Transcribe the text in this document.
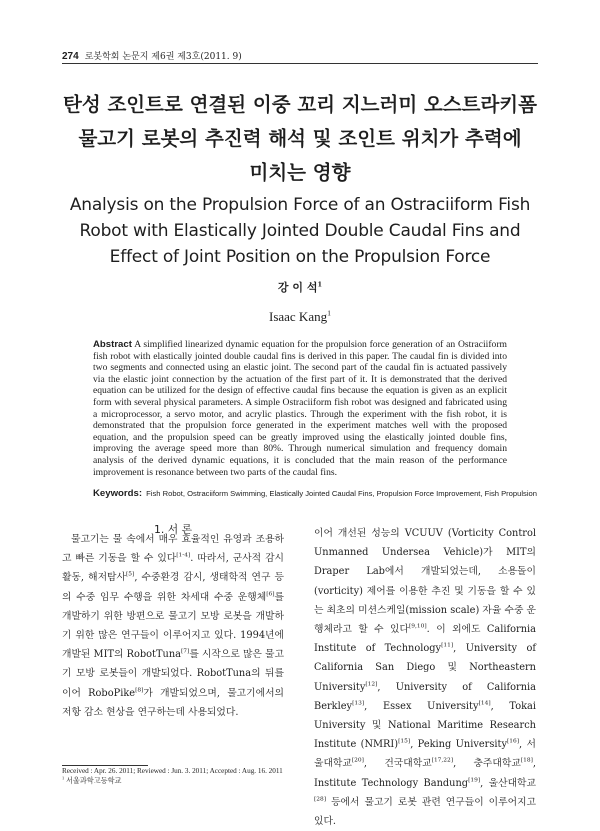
274 로봇학회 논문지 제6권 제3호(2011. 9)
탄성 조인트로 연결된 이중 꼬리 지느러미 오스트라키폼
물고기 로봇의 추진력 해석 및 조인트 위치가 추력에
미치는 영향
Analysis on the Propulsion Force of an Ostraciiform Fish
Robot with Elastically Jointed Double Caudal Fins and
Effect of Joint Position on the Propulsion Force
강 이 석$^1$
Isaac Kang$^1$
Abstract A simplified linearized dynamic equation for the propulsion force generation of an Ostraciiform fish robot with elastically jointed double caudal fins is derived in this paper. The caudal fin is divided into two segments and connected using an elastic joint. The second part of the caudal fin is actuated passively via the elastic joint connection by the actuation of the first part of it. It is demonstrated that the derived equation can be utilized for the design of effective caudal fins because the equation is given as an explicit form with several physical parameters. A simple Ostraciiform fish robot was designed and fabricated using a microprocessor, a servo motor, and acrylic plastics. Through the experiment with the fish robot, it is demonstrated that the propulsion force generated in the experiment matches well with the proposed equation, and the propulsion speed can be greatly improved using the elastically jointed double fins, improving the average speed more than 80%. Through numerical simulation and frequency domain analysis of the derived dynamic equations, it is concluded that the main reason of the performance improvement is resonance between two parts of the caudal fins.
Keywords: Fish Robot, Ostraciiform Swimming, Elastically Jointed Caudal Fins, Propulsion Force Improvement, Fish Propulsion
1. 서 론

물고기는 물 속에서 매우 효율적인 유영과 조용하고 빠른 기동을 할 수 있다[1-4]. 따라서, 군사적 감시활동, 해저탐사[5], 수중환경 감시, 생태학적 연구 등의 수중 임무 수행을 위한 차세대 수중 운행체[6]를 개발하기 위한 방편으로 물고기 모방 로봇을 개발하기 위한 많은 연구들이 이루어지고 있다. 1994년에 개발된 MIT의 RobotTuna[7]를 시작으로 많은 물고기 모방 로봇들이 개발되었다. RobotTuna의 뒤를 이어 RoboPike[8]가 개발되었으며, 물고기에서의 저항 감소 현상을 연구하는데 사용되었다.

이어 개선된 성능의 VCUUV (Vorticity Control Unmanned Undersea Vehicle)가 MIT의 Draper Lab에서 개발되었는데, 소용돌이(vorticity) 제어를 이용한 추진 및 기동을 할 수 있는 최초의 미션스케일(mission scale) 자율 수중 운행체라고 할 수 있다[9,10]. 이 외에도 California Institute of Technology[11], University of California San Diego 및 Northeastern University[12], University of California Berkley[13], Essex University[14], Tokai University 및 National Maritime Research Institute (NMRI)[15], Peking University[16], 서울대학교[20], 건국대학교[17,22], 충주대학교[18], Institute Technology Bandung[19], 울산대학교[28] 등에서 물고기 로봇 관련 연구들이 이루어지고 있다.

Received : Apr. 26. 2011; Reviewed : Jun. 3. 2011; Accepted : Aug. 16. 2011
$^1$ 서울과학고등학교
